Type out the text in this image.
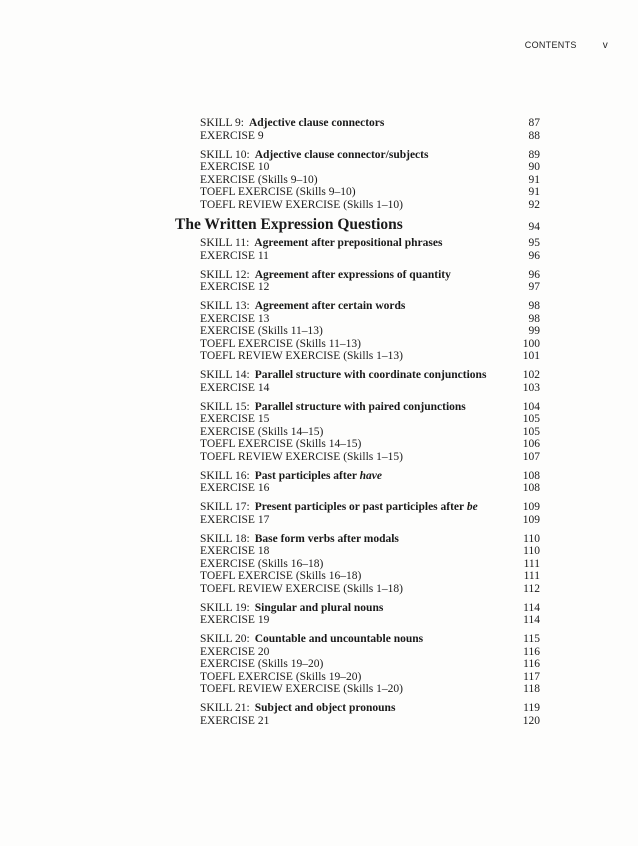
CONTENTS	v
SKILL 9: Adjective clause connectors	87
EXERCISE 9	88
SKILL 10: Adjective clause connector/subjects	89
EXERCISE 10	90
EXERCISE (Skills 9–10)	91
TOEFL EXERCISE (Skills 9–10)	91
TOEFL REVIEW EXERCISE (Skills 1–10)	92
The Written Expression Questions	94
SKILL 11: Agreement after prepositional phrases	95
EXERCISE 11	96
SKILL 12: Agreement after expressions of quantity	96
EXERCISE 12	97
SKILL 13: Agreement after certain words	98
EXERCISE 13	98
EXERCISE (Skills 11–13)	99
TOEFL EXERCISE (Skills 11–13)	100
TOEFL REVIEW EXERCISE (Skills 1–13)	101
SKILL 14: Parallel structure with coordinate conjunctions	102
EXERCISE 14	103
SKILL 15: Parallel structure with paired conjunctions	104
EXERCISE 15	105
EXERCISE (Skills 14–15)	105
TOEFL EXERCISE (Skills 14–15)	106
TOEFL REVIEW EXERCISE (Skills 1–15)	107
SKILL 16: Past participles after have	108
EXERCISE 16	108
SKILL 17: Present participles or past participles after be	109
EXERCISE 17	109
SKILL 18: Base form verbs after modals	110
EXERCISE 18	110
EXERCISE (Skills 16–18)	111
TOEFL EXERCISE (Skills 16–18)	111
TOEFL REVIEW EXERCISE (Skills 1–18)	112
SKILL 19: Singular and plural nouns	114
EXERCISE 19	114
SKILL 20: Countable and uncountable nouns	115
EXERCISE 20	116
EXERCISE (Skills 19–20)	116
TOEFL EXERCISE (Skills 19–20)	117
TOEFL REVIEW EXERCISE (Skills 1–20)	118
SKILL 21: Subject and object pronouns	119
EXERCISE 21	120
